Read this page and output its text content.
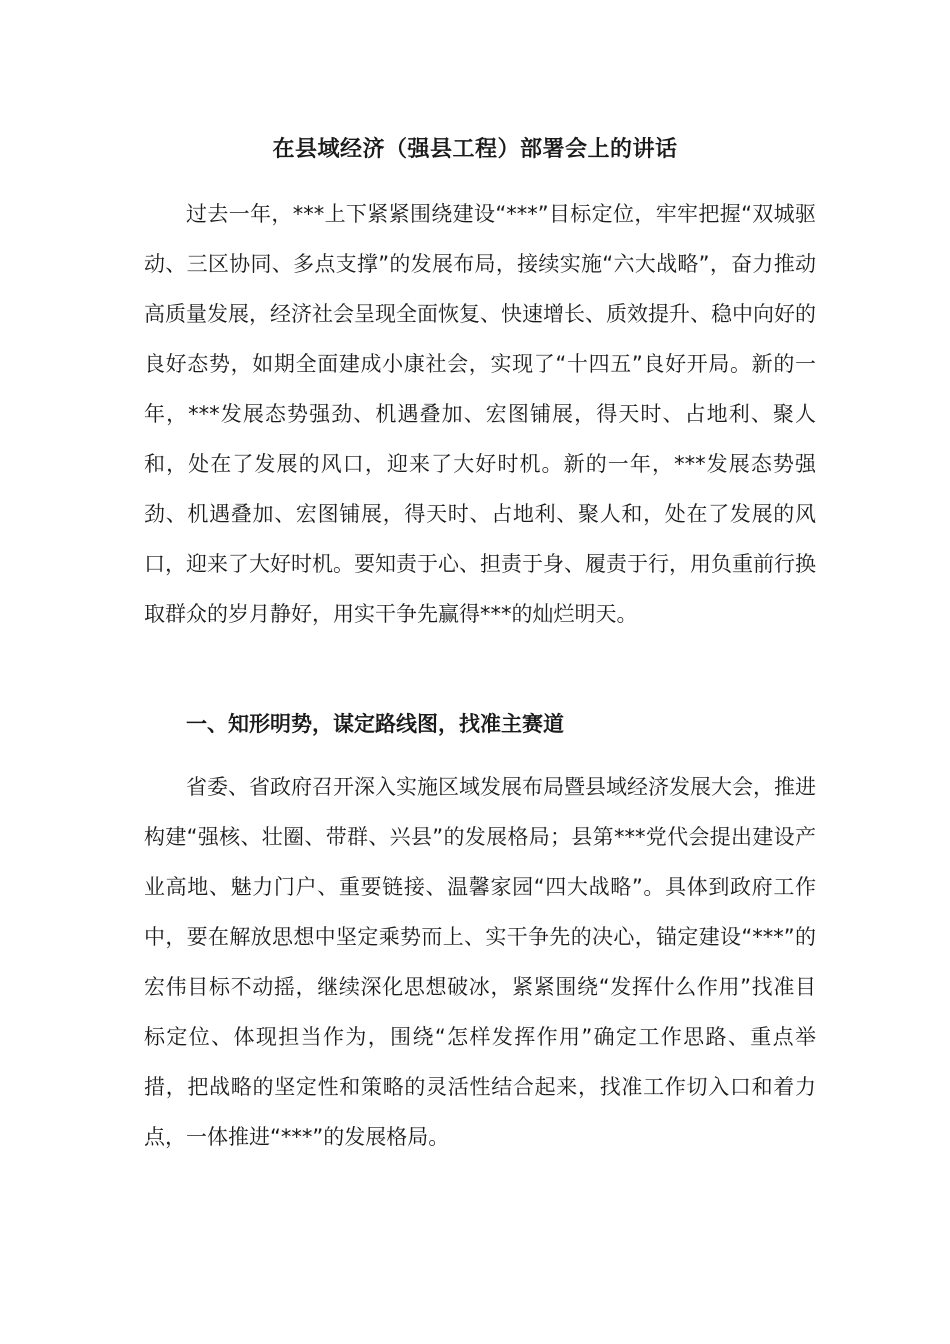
在县域经济（强县工程）部署会上的讲话

过去一年，***上下紧紧围绕建设“***”目标定位，牢牢把握“双城驱动、三区协同、多点支撑”的发展布局，接续实施“六大战略”，奋力推动高质量发展，经济社会呈现全面恢复、快速增长、质效提升、稳中向好的良好态势，如期全面建成小康社会，实现了“十四五”良好开局。新的一年，***发展态势强劲、机遇叠加、宏图铺展，得天时、占地利、聚人和，处在了发展的风口，迎来了大好时机。新的一年，***发展态势强劲、机遇叠加、宏图铺展，得天时、占地利、聚人和，处在了发展的风口，迎来了大好时机。要知责于心、担责于身、履责于行，用负重前行换取群众的岁月静好，用实干争先赢得***的灿烂明天。

一、知形明势，谋定路线图，找准主赛道

省委、省政府召开深入实施区域发展布局暨县域经济发展大会，推进构建“强核、壮圈、带群、兴县”的发展格局；县第***党代会提出建设产业高地、魅力门户、重要链接、温馨家园“四大战略”。具体到政府工作中，要在解放思想中坚定乘势而上、实干争先的决心，锚定建设“***”的宏伟目标不动摇，继续深化思想破冰，紧紧围绕“发挥什么作用”找准目标定位、体现担当作为，围绕“怎样发挥作用”确定工作思路、重点举措，把战略的坚定性和策略的灵活性结合起来，找准工作切入口和着力点，一体推进“***”的发展格局。
